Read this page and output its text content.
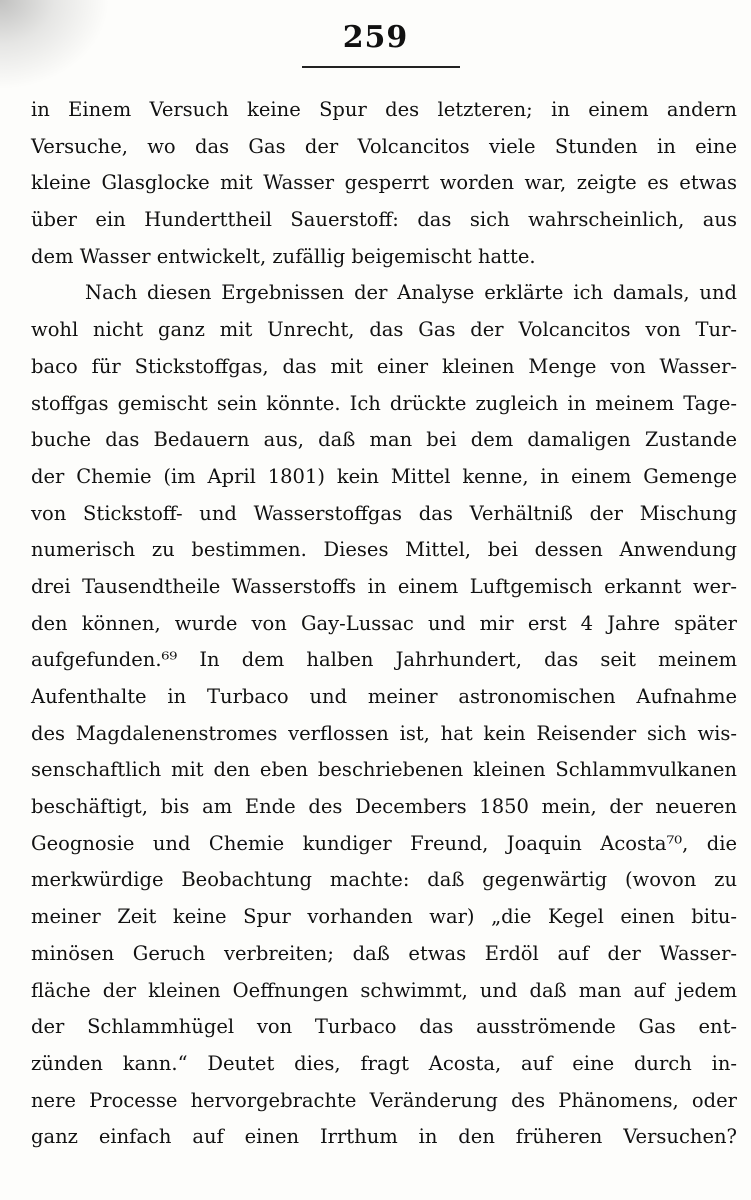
259
in Einem Versuch keine Spur des letzteren; in einem andern
Versuche, wo das Gas der Volcancitos viele Stunden in eine
kleine Glasglocke mit Wasser gesperrt worden war, zeigte es etwas
über ein Hunderttheil Sauerstoff: das sich wahrscheinlich, aus
dem Wasser entwickelt, zufällig beigemischt hatte.
Nach diesen Ergebnissen der Analyse erklärte ich damals, und
wohl nicht ganz mit Unrecht, das Gas der Volcancitos von Tur-
baco für Stickstoffgas, das mit einer kleinen Menge von Wasser-
stoffgas gemischt sein könnte. Ich drückte zugleich in meinem Tage-
buche das Bedauern aus, daß man bei dem damaligen Zustande
der Chemie (im April 1801) kein Mittel kenne, in einem Gemenge
von Stickstoff- und Wasserstoffgas das Verhältniß der Mischung
numerisch zu bestimmen. Dieses Mittel, bei dessen Anwendung
drei Tausendtheile Wasserstoffs in einem Luftgemisch erkannt wer-
den können, wurde von Gay-Lussac und mir erst 4 Jahre später
aufgefunden.⁶⁹ In dem halben Jahrhundert, das seit meinem
Aufenthalte in Turbaco und meiner astronomischen Aufnahme
des Magdalenenstromes verflossen ist, hat kein Reisender sich wis-
senschaftlich mit den eben beschriebenen kleinen Schlammvulkanen
beschäftigt, bis am Ende des Decembers 1850 mein, der neueren
Geognosie und Chemie kundiger Freund, Joaquin Acosta⁷⁰, die
merkwürdige Beobachtung machte: daß gegenwärtig (wovon zu
meiner Zeit keine Spur vorhanden war) „die Kegel einen bitu-
minösen Geruch verbreiten; daß etwas Erdöl auf der Wasser-
fläche der kleinen Oeffnungen schwimmt, und daß man auf jedem
der Schlammhügel von Turbaco das ausströmende Gas ent-
zünden kann.“ Deutet dies, fragt Acosta, auf eine durch in-
nere Processe hervorgebrachte Veränderung des Phänomens, oder
ganz einfach auf einen Irrthum in den früheren Versuchen?
